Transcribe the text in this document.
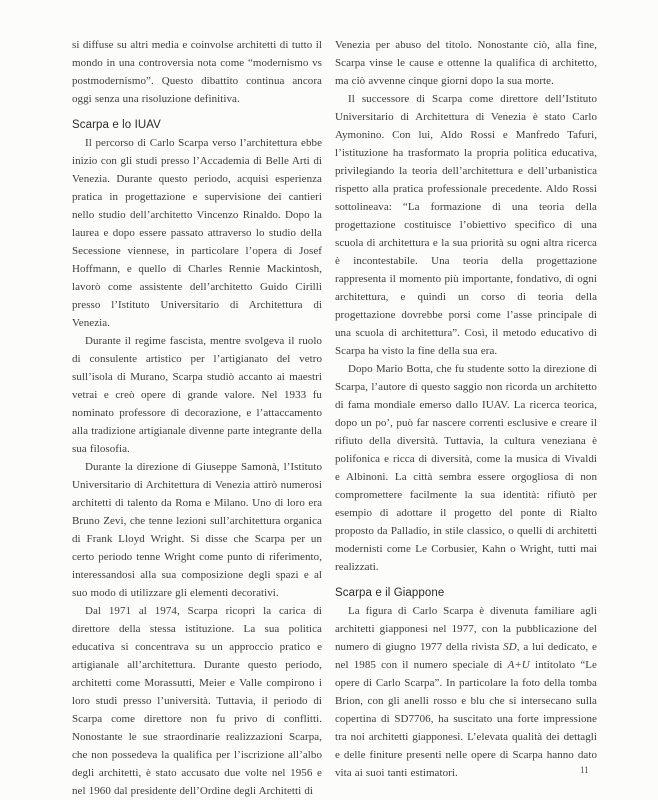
si diffuse su altri media e coinvolse architetti di tutto il mondo in una controversia nota come “modernismo vs postmodernismo”. Questo dibattito continua ancora oggi senza una risoluzione definitiva.

Scarpa e lo IUAV

Il percorso di Carlo Scarpa verso l’architettura ebbe inizio con gli studi presso l’Accademia di Belle Arti di Venezia. Durante questo periodo, acquisì esperienza pratica in progettazione e supervisione dei cantieri nello studio dell’architetto Vincenzo Rinaldo. Dopo la laurea e dopo essere passato attraverso lo studio della Secessione viennese, in particolare l’opera di Josef Hoffmann, e quello di Charles Rennie Mackintosh, lavorò come assistente dell’architetto Guido Cirilli presso l’Istituto Universitario di Architettura di Venezia.

Durante il regime fascista, mentre svolgeva il ruolo di consulente artistico per l’artigianato del vetro sull’isola di Murano, Scarpa studiò accanto ai maestri vetrai e creò opere di grande valore. Nel 1933 fu nominato professore di decorazione, e l’attaccamento alla tradizione artigianale divenne parte integrante della sua filosofia.

Durante la direzione di Giuseppe Samonà, l’Istituto Universitario di Architettura di Venezia attirò numerosi architetti di talento da Roma e Milano. Uno di loro era Bruno Zevi, che tenne lezioni sull’architettura organica di Frank Lloyd Wright. Si disse che Scarpa per un certo periodo tenne Wright come punto di riferimento, interessandosi alla sua composizione degli spazi e al suo modo di utilizzare gli elementi decorativi.

Dal 1971 al 1974, Scarpa ricoprì la carica di direttore della stessa istituzione. La sua politica educativa si concentrava su un approccio pratico e artigianale all’architettura. Durante questo periodo, architetti come Morassutti, Meier e Valle compirono i loro studi presso l’università. Tuttavia, il periodo di Scarpa come direttore non fu privo di conflitti. Nonostante le sue straordinarie realizzazioni Scarpa, che non possedeva la qualifica per l’iscrizione all’albo degli architetti, è stato accusato due volte nel 1956 e nel 1960 dal presidente dell’Ordine degli Architetti di

Venezia per abuso del titolo. Nonostante ciò, alla fine, Scarpa vinse le cause e ottenne la qualifica di architetto, ma ciò avvenne cinque giorni dopo la sua morte.

Il successore di Scarpa come direttore dell’Istituto Universitario di Architettura di Venezia è stato Carlo Aymonino. Con lui, Aldo Rossi e Manfredo Tafuri, l’istituzione ha trasformato la propria politica educativa, privilegiando la teoria dell’architettura e dell’urbanistica rispetto alla pratica professionale precedente. Aldo Rossi sottolineava: “La formazione di una teoria della progettazione costituisce l’obiettivo specifico di una scuola di architettura e la sua priorità su ogni altra ricerca è incontestabile. Una teoria della progettazione rappresenta il momento più importante, fondativo, di ogni architettura, e quindi un corso di teoria della progettazione dovrebbe porsi come l’asse principale di una scuola di architettura”. Così, il metodo educativo di Scarpa ha visto la fine della sua era.

Dopo Mario Botta, che fu studente sotto la direzione di Scarpa, l’autore di questo saggio non ricorda un architetto di fama mondiale emerso dallo IUAV. La ricerca teorica, dopo un po’, può far nascere correnti esclusive e creare il rifiuto della diversità. Tuttavia, la cultura veneziana è polifonica e ricca di diversità, come la musica di Vivaldi e Albinoni. La città sembra essere orgogliosa di non compromettere facilmente la sua identità: rifiutò per esempio di adottare il progetto del ponte di Rialto proposto da Palladio, in stile classico, o quelli di architetti modernisti come Le Corbusier, Kahn o Wright, tutti mai realizzati.

Scarpa e il Giappone

La figura di Carlo Scarpa è divenuta familiare agli architetti giapponesi nel 1977, con la pubblicazione del numero di giugno 1977 della rivista SD, a lui dedicato, e nel 1985 con il numero speciale di A+U intitolato “Le opere di Carlo Scarpa”. In particolare la foto della tomba Brion, con gli anelli rosso e blu che si intersecano sulla copertina di SD7706, ha suscitato una forte impressione tra noi architetti giapponesi. L’elevata qualità dei dettagli e delle finiture presenti nelle opere di Scarpa hanno dato vita ai suoi tanti estimatori.	11
